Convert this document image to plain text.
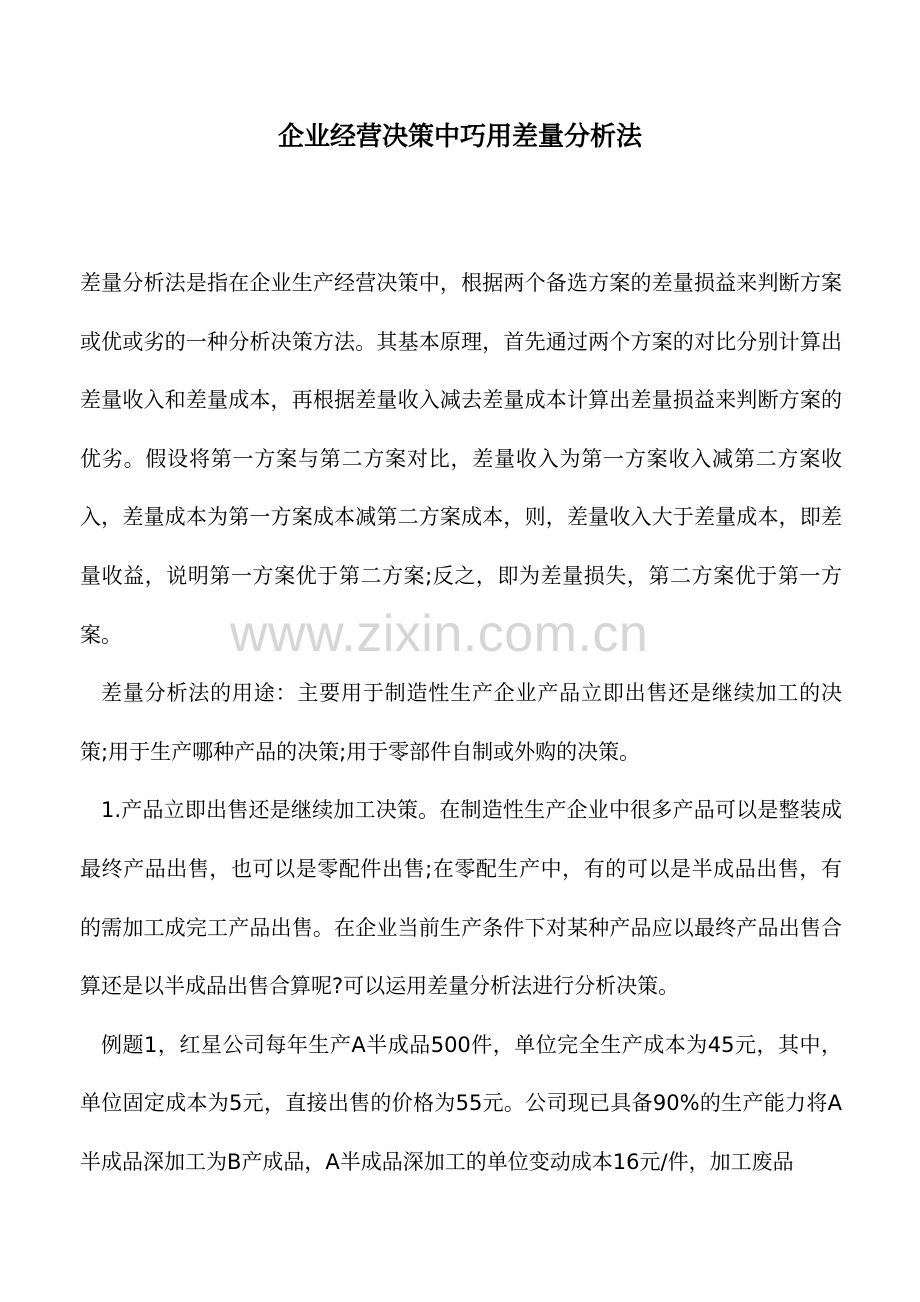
企业经营决策中巧用差量分析法

差量分析法是指在企业生产经营决策中，根据两个备选方案的差量损益来判断方案或优或劣的一种分析决策方法。其基本原理，首先通过两个方案的对比分别计算出差量收入和差量成本，再根据差量收入减去差量成本计算出差量损益来判断方案的优劣。假设将第一方案与第二方案对比，差量收入为第一方案收入减第二方案收入，差量成本为第一方案成本减第二方案成本，则，差量收入大于差量成本，即差量收益，说明第一方案优于第二方案;反之，即为差量损失，第二方案优于第一方案。

差量分析法的用途：主要用于制造性生产企业产品立即出售还是继续加工的决策;用于生产哪种产品的决策;用于零部件自制或外购的决策。

1.产品立即出售还是继续加工决策。在制造性生产企业中很多产品可以是整装成最终产品出售，也可以是零配件出售;在零配生产中，有的可以是半成品出售，有的需加工成完工产品出售。在企业当前生产条件下对某种产品应以最终产品出售合算还是以半成品出售合算呢?可以运用差量分析法进行分析决策。

例题1，红星公司每年生产A半成品500件，单位完全生产成本为45元，其中，单位固定成本为5元，直接出售的价格为55元。公司现已具备90%的生产能力将A半成品深加工为B产成品，A半成品深加工的单位变动成本16元/件，加工废品

www.zixin.com.cn
